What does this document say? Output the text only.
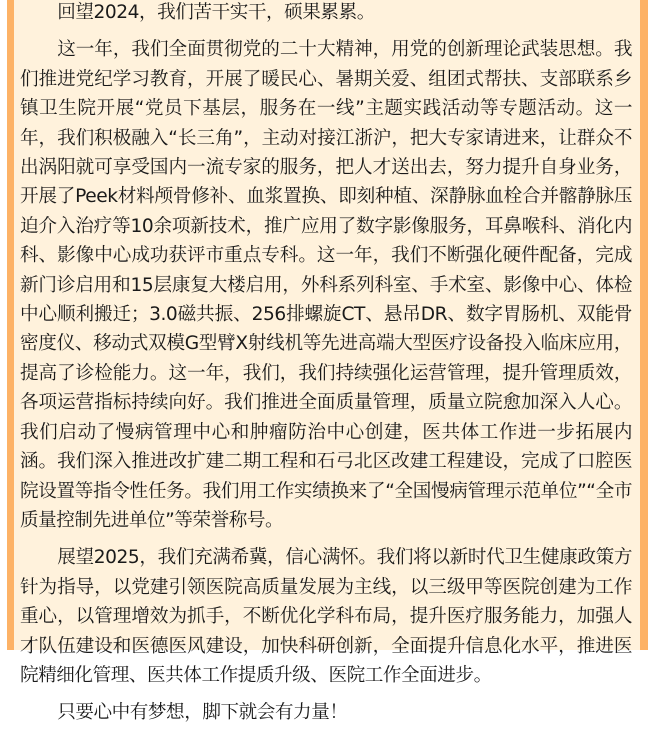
回望2024，我们苦干实干，硕果累累。

这一年，我们全面贯彻党的二十大精神，用党的创新理论武装思想。我们推进党纪学习教育，开展了暖民心、暑期关爱、组团式帮扶、支部联系乡镇卫生院开展“党员下基层，服务在一线”主题实践活动等专题活动。这一年，我们积极融入“长三角”，主动对接江浙沪，把大专家请进来，让群众不出涡阳就可享受国内一流专家的服务，把人才送出去，努力提升自身业务，开展了Peek材料颅骨修补、血浆置换、即刻种植、深静脉血栓合并髂静脉压迫介入治疗等10余项新技术，推广应用了数字影像服务，耳鼻喉科、消化内科、影像中心成功获评市重点专科。这一年，我们不断强化硬件配备，完成新门诊启用和15层康复大楼启用，外科系列科室、手术室、影像中心、体检中心顺利搬迁；3.0磁共振、256排螺旋CT、悬吊DR、数字胃肠机、双能骨密度仪、移动式双模G型臂X射线机等先进高端大型医疗设备投入临床应用，提高了诊检能力。这一年，我们，我们持续强化运营管理，提升管理质效，各项运营指标持续向好。我们推进全面质量管理，质量立院愈加深入人心。我们启动了慢病管理中心和肿瘤防治中心创建，医共体工作进一步拓展内涵。我们深入推进改扩建二期工程和石弓北区改建工程建设，完成了口腔医院设置等指令性任务。我们用工作实绩换来了“全国慢病管理示范单位”“全市质量控制先进单位”等荣誉称号。

展望2025，我们充满希冀，信心满怀。我们将以新时代卫生健康政策方针为指导，以党建引领医院高质量发展为主线，以三级甲等医院创建为工作重心，以管理增效为抓手，不断优化学科布局，提升医疗服务能力，加强人才队伍建设和医德医风建设，加快科研创新，全面提升信息化水平，推进医院精细化管理、医共体工作提质升级、医院工作全面进步。

只要心中有梦想，脚下就会有力量！
